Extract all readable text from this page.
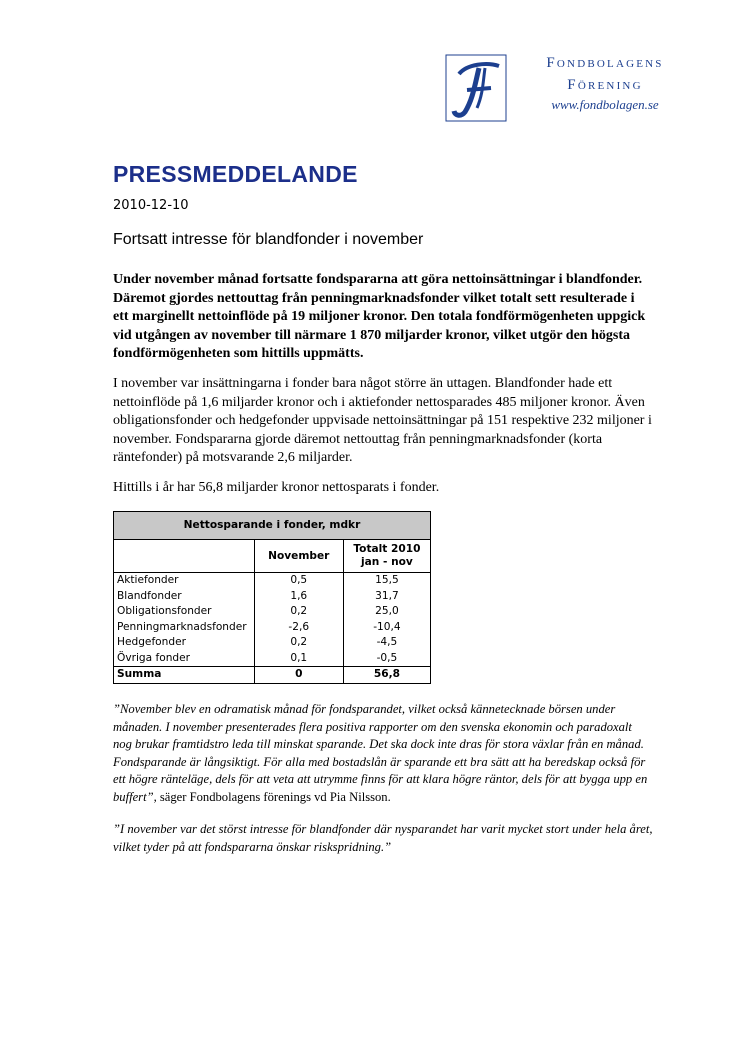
Fondbolagens
Förening
www.fondbolagen.se
PRESSMEDDELANDE
2010-12-10
Fortsatt intresse för blandfonder i november
Under november månad fortsatte fondspararna att göra nettoinsättningar i blandfonder. Däremot gjordes nettouttag från penningmarknadsfonder vilket totalt sett resulterade i ett marginellt nettoinflöde på 19 miljoner kronor. Den totala fondförmögenheten uppgick vid utgången av november till närmare 1 870 miljarder kronor, vilket utgör den högsta fondförmögenheten som hittills uppmätts.
I november var insättningarna i fonder bara något större än uttagen. Blandfonder hade ett nettoinflöde på 1,6 miljarder kronor och i aktiefonder nettosparades 485 miljoner kronor. Även obligationsfonder och hedgefonder uppvisade nettoinsättningar på 151 respektive 232 miljoner i november. Fondspararna gjorde däremot nettouttag från penningmarknadsfonder (korta räntefonder) på motsvarande 2,6 miljarder.
Hittills i år har 56,8 miljarder kronor nettosparats i fonder.
Nettosparande i fonder, mdkr		
	November	Totalt 2010
jan - nov
Aktiefonder	0,5	15,5
Blandfonder	1,6	31,7
Obligationsfonder	0,2	25,0
Penningmarknadsfonder	-2,6	-10,4
Hedgefonder	0,2	-4,5
Övriga fonder	0,1	-0,5
Summa	0	56,8
”November blev en odramatisk månad för fondsparandet, vilket också kännetecknade börsen under månaden. I november presenterades flera positiva rapporter om den svenska ekonomin och paradoxalt nog brukar framtidstro leda till minskat sparande. Det ska dock inte dras för stora växlar från en månad. Fondsparande är långsiktigt. För alla med bostadslån är sparande ett bra sätt att ha beredskap också för ett högre ränteläge, dels för att veta att utrymme finns för att klara högre räntor, dels för att bygga upp en buffert”, säger Fondbolagens förenings vd Pia Nilsson.
”I november var det störst intresse för blandfonder där nysparandet har varit mycket stort under hela året, vilket tyder på att fondspararna önskar riskspridning.”
